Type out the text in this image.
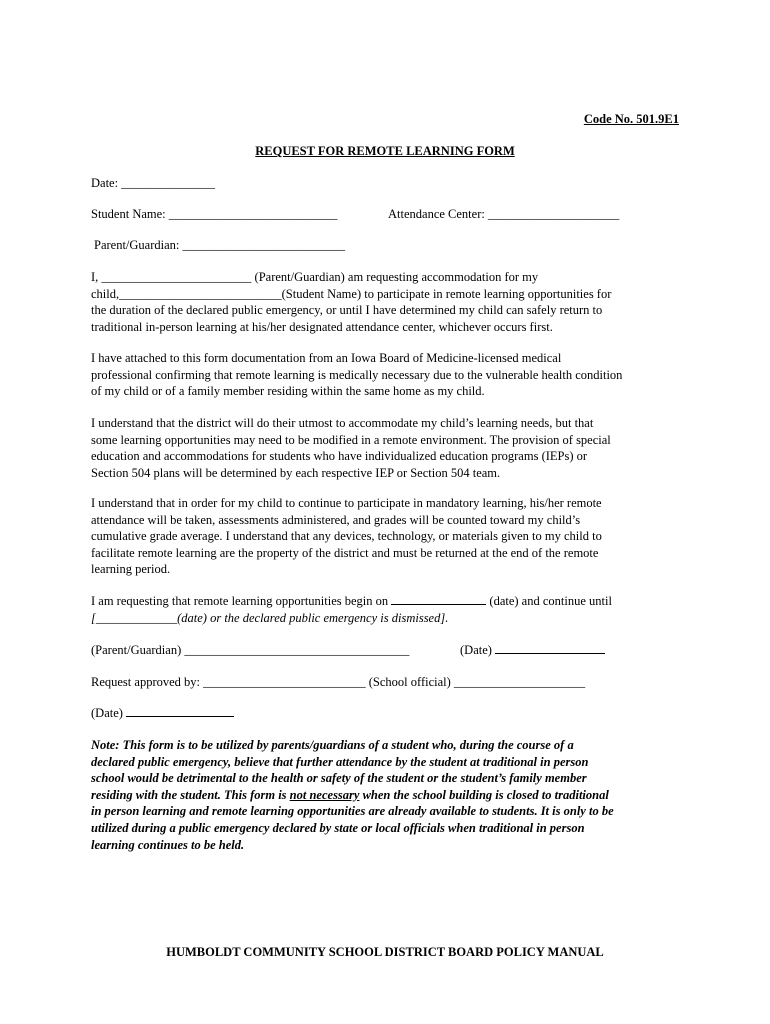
Code No. 501.9E1
REQUEST FOR REMOTE LEARNING FORM
Date: _______________
Student Name: ___________________________	Attendance Center: _____________________
Parent/Guardian: __________________________
I, ________________________ (Parent/Guardian) am requesting accommodation for my
child,__________________________(Student Name) to participate in remote learning opportunities for
the duration of the declared public emergency, or until I have determined my child can safely return to
traditional in-person learning at his/her designated attendance center, whichever occurs first.
I have attached to this form documentation from an Iowa Board of Medicine-licensed medical
professional confirming that remote learning is medically necessary due to the vulnerable health condition
of my child or of a family member residing within the same home as my child.
I understand that the district will do their utmost to accommodate my child’s learning needs, but that
some learning opportunities may need to be modified in a remote environment. The provision of special
education and accommodations for students who have individualized education programs (IEPs) or
Section 504 plans will be determined by each respective IEP or Section 504 team.
I understand that in order for my child to continue to participate in mandatory learning, his/her remote
attendance will be taken, assessments administered, and grades will be counted toward my child’s
cumulative grade average. I understand that any devices, technology, or materials given to my child to
facilitate remote learning are the property of the district and must be returned at the end of the remote
learning period.
I am requesting that remote learning opportunities begin on	(date) and continue until
[_____________(date) or the declared public emergency is dismissed].
(Parent/Guardian) ____________________________________	(Date)
Request approved by: __________________________ (School official) _____________________
(Date)
Note: This form is to be utilized by parents/guardians of a student who, during the course of a
declared public emergency, believe that further attendance by the student at traditional in person
school would be detrimental to the health or safety of the student or the student’s family member
residing with the student. This form is not necessary when the school building is closed to traditional
in person learning and remote learning opportunities are already available to students. It is only to be
utilized during a public emergency declared by state or local officials when traditional in person
learning continues to be held.
HUMBOLDT COMMUNITY SCHOOL DISTRICT BOARD POLICY MANUAL
